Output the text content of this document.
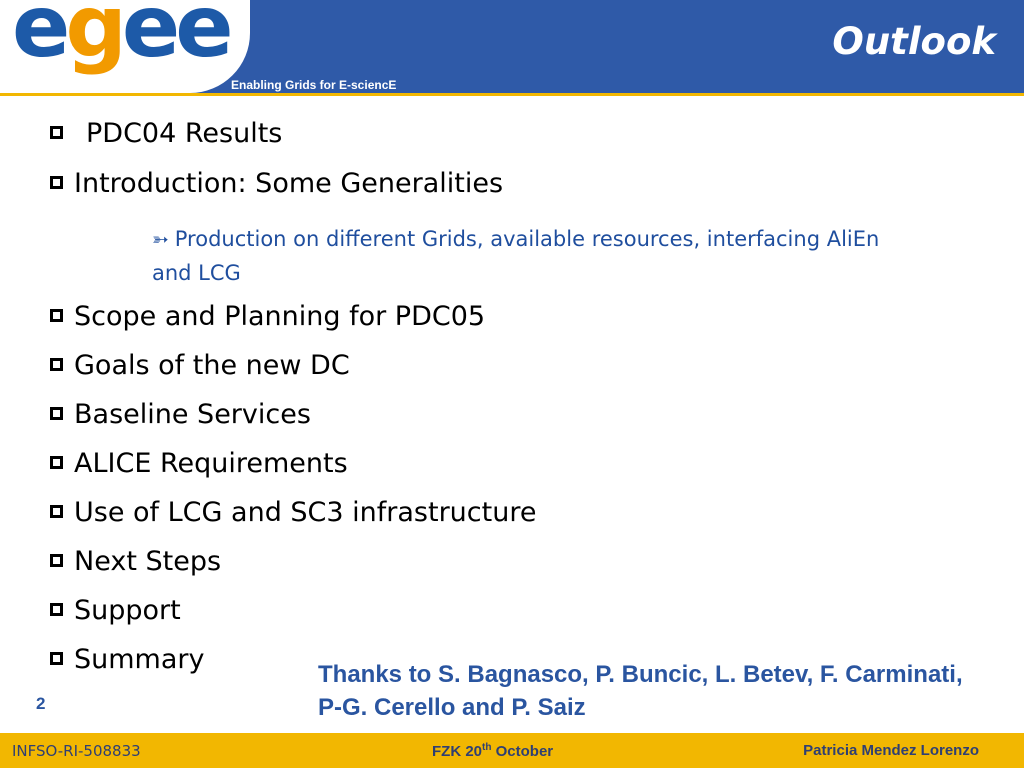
egee
Enabling Grids for E-sciencE
Outlook
PDC04 Results
Introduction: Some Generalities
➳ Production on different Grids, available resources, interfacing AliEn and LCG
Scope and Planning for PDC05
Goals of the new DC
Baseline Services
ALICE Requirements
Use of LCG and SC3 infrastructure
Next Steps
Support
Summary	Thanks to S. Bagnasco, P. Buncic, L. Betev, F. Carminati, P-G. Cerello and P. Saiz
2
INFSO-RI-508833	FZK 20th October	Patricia Mendez Lorenzo
